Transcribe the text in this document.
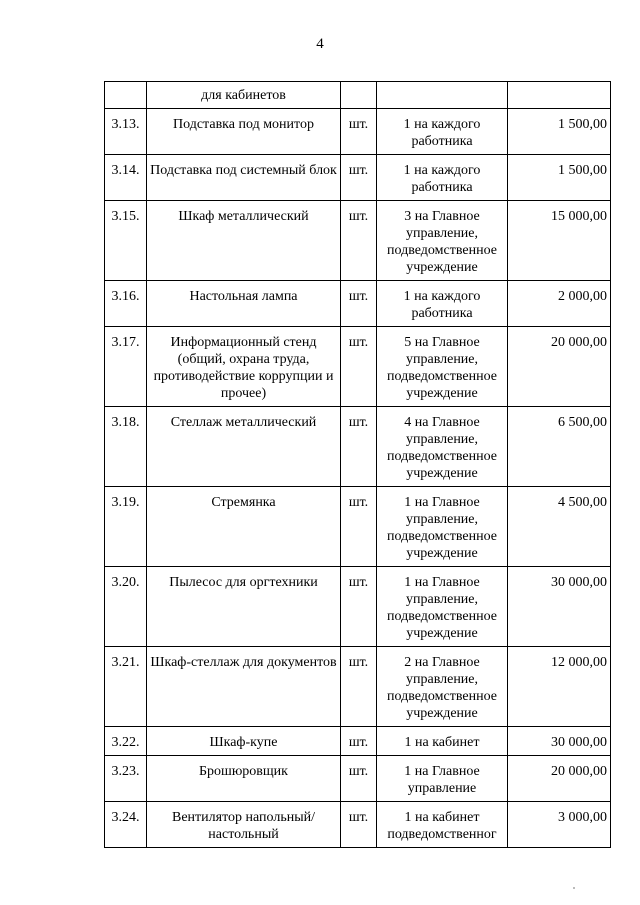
4
	для кабинетов			
3.13.	Подставка под монитор	шт.	1 на каждого работника	1 500,00
3.14.	Подставка под системный блок	шт.	1 на каждого работника	1 500,00
3.15.	Шкаф металлический	шт.	3 на Главное управление, подведомственное учреждение	15 000,00
3.16.	Настольная лампа	шт.	1 на каждого работника	2 000,00
3.17.	Информационный стенд (общий, охрана труда, противодействие коррупции и прочее)	шт.	5 на Главное управление, подведомственное учреждение	20 000,00
3.18.	Стеллаж металлический	шт.	4 на Главное управление, подведомственное учреждение	6 500,00
3.19.	Стремянка	шт.	1 на Главное управление, подведомственное учреждение	4 500,00
3.20.	Пылесос для оргтехники	шт.	1 на Главное управление, подведомственное учреждение	30 000,00
3.21.	Шкаф-стеллаж для документов	шт.	2 на Главное управление, подведомственное учреждение	12 000,00
3.22.	Шкаф-купе	шт.	1 на кабинет	30 000,00
3.23.	Брошюровщик	шт.	1 на Главное управление	20 000,00
3.24.	Вентилятор напольный/настольный	шт.	1 на кабинет подведомственног	3 000,00
